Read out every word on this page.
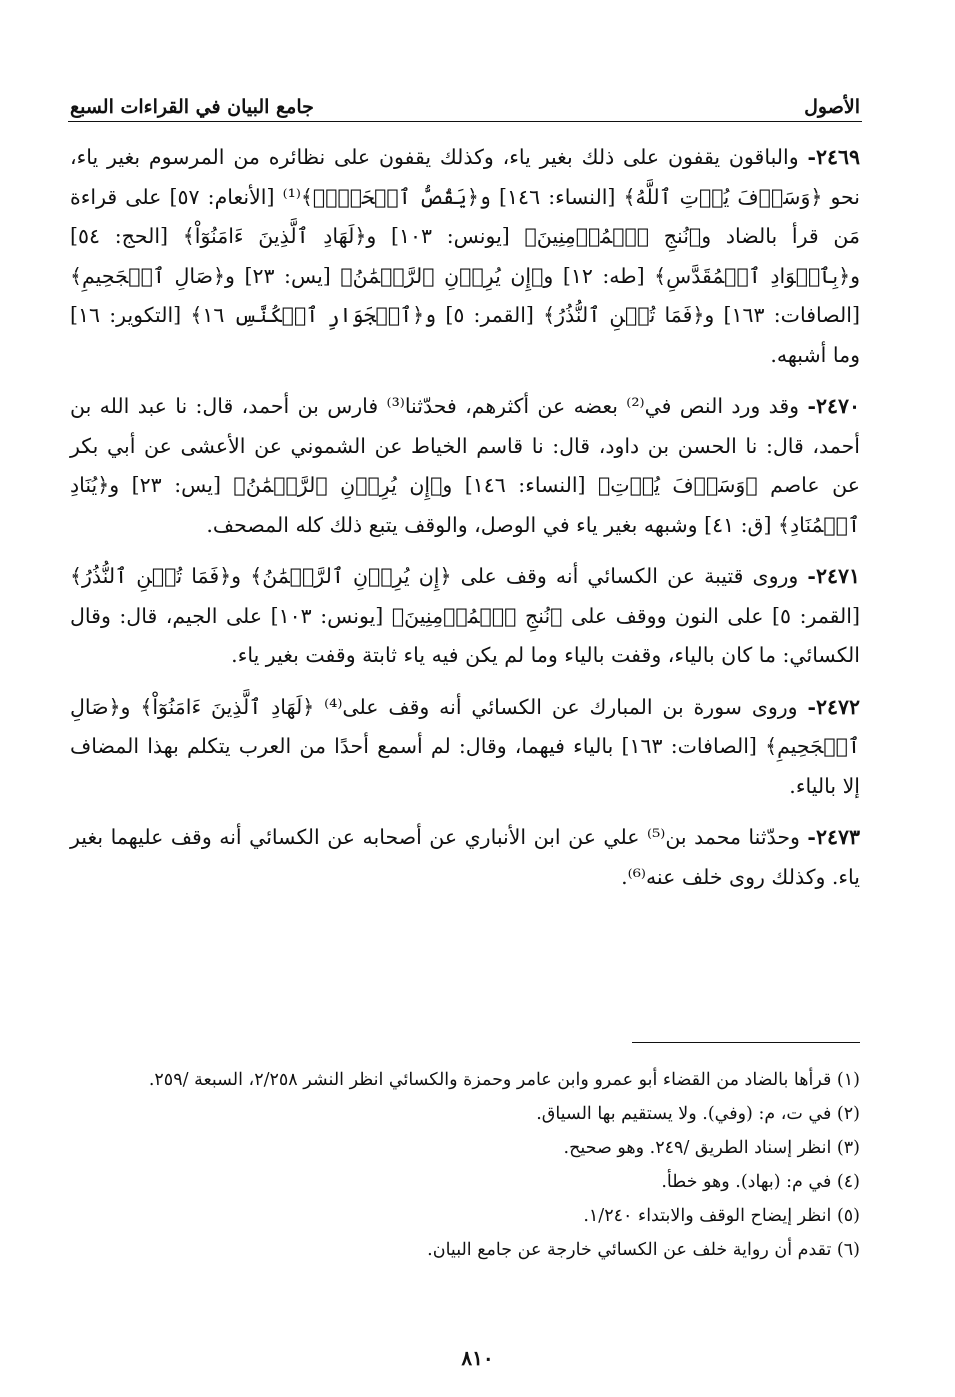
الأصول
جامع البيان في القراءات السبع

٢٤٦٩- والباقون يقفون على ذلك بغير ياء، وكذلك يقفون على نظائره من المرسوم بغير ياء، نحو ﴿وَسَوۡفَ يُؤۡتِ ٱللَّهُ﴾ [النساء: ١٤٦] و﴿يَقُصُّ ٱلۡحَقَّۖ﴾⁽¹⁾ [الأنعام: ٥٧] على قراءة مَن قرأ بالضاد و﴿نُنجِ ٱلۡمُؤۡمِنِينَ﴾ [يونس: ١٠٣] و﴿لَهَادِ ٱلَّذِينَ ءَامَنُوٓاْ﴾ [الحج: ٥٤] و﴿بِٱلۡوَادِ ٱلۡمُقَدَّسِ﴾ [طه: ١٢] و﴿إِن يُرِدۡنِ ٱلرَّحۡمَٰنُ﴾ [يس: ٢٣] و﴿صَالِ ٱلۡجَحِيمِ﴾ [الصافات: ١٦٣] و﴿فَمَا تُغۡنِ ٱلنُّذُرُ﴾ [القمر: ٥] و﴿ٱلۡجَوَارِ ٱلۡكُنَّسِ ١٦﴾ [التكوير: ١٦] وما أشبهه.

٢٤٧٠- وقد ورد النص في⁽²⁾ بعضه عن أكثرهم، فحدّثنا⁽³⁾ فارس بن أحمد، قال: نا عبد الله بن أحمد، قال: نا الحسن بن داود، قال: نا قاسم الخياط عن الشموني عن الأعشى عن أبي بكر عن عاصم ﴿وَسَوۡفَ يُؤۡتِ﴾ [النساء: ١٤٦] و﴿إِن يُرِدۡنِ ٱلرَّحۡمَٰنُ﴾ [يس: ٢٣] و﴿يُنَادِ ٱلۡمُنَادِ﴾ [ق: ٤١] وشبهه بغير ياء في الوصل، والوقف يتبع ذلك كله المصحف.

٢٤٧١- وروى قتيبة عن الكسائي أنه وقف على ﴿إِن يُرِدۡنِ ٱلرَّحۡمَٰنُ﴾ و﴿فَمَا تُغۡنِ ٱلنُّذُرُ﴾ [القمر: ٥] على النون ووقف على ﴿نُنجِ ٱلۡمُؤۡمِنِينَ﴾ [يونس: ١٠٣] على الجيم، قال: وقال الكسائي: ما كان بالياء، وقفت بالياء وما لم يكن فيه ياء ثابتة وقفت بغير ياء.

٢٤٧٢- وروى سورة بن المبارك عن الكسائي أنه وقف على⁽⁴⁾ ﴿لَهَادِ ٱلَّذِينَ ءَامَنُوٓاْ﴾ و﴿صَالِ ٱلۡجَحِيمِ﴾ [الصافات: ١٦٣] بالياء فيهما، وقال: لم أسمع أحدًا من العرب يتكلم بهذا المضاف إلا بالياء.

٢٤٧٣- وحدّثنا محمد بن⁽⁵⁾ علي عن ابن الأنباري عن أصحابه عن الكسائي أنه وقف عليهما بغير ياء. وكذلك روى خلف عنه⁽⁶⁾.

(١) قرأها بالضاد من القضاء أبو عمرو وابن عامر وحمزة والكسائي انظر النشر ٢/٢٥٨، السبعة /٢٥٩.

(٢) في ت، م: (وفي). ولا يستقيم بها السياق.

(٣) انظر إسناد الطريق /٢٤٩. وهو صحيح.

(٤) في م: (بهاد). وهو خطأ.

(٥) انظر إيضاح الوقف والابتداء ١/٢٤٠.

(٦) تقدم أن رواية خلف عن الكسائي خارجة عن جامع البيان.

٨١٠
